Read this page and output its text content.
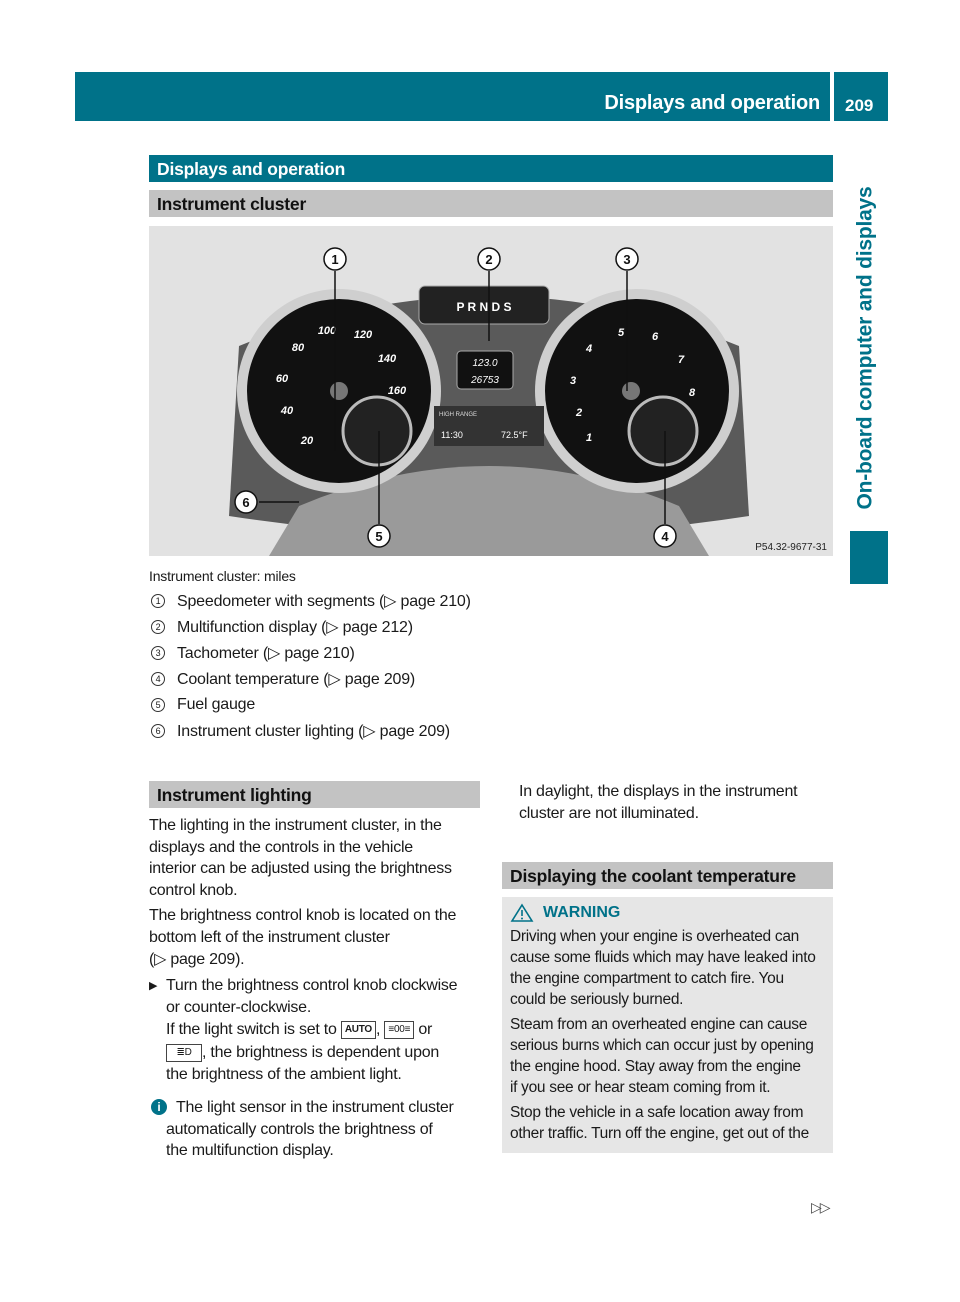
Displays and operation	209
On-board computer and displays
Displays and operation
Instrument cluster
P R N D S
123.0
26753
HIGH RANGE
11:30	72.5°F
20
40
60
80
100 120
140
160
1
2
3
4
5	6
7
8
1	2	3
4
5
6
P54.32-9677-31
Instrument cluster: miles
1 Speedometer with segments (▷ page 210)
2 Multifunction display (▷ page 212)
3 Tachometer (▷ page 210)
4 Coolant temperature (▷ page 209)
5 Fuel gauge
6 Instrument cluster lighting (▷ page 209)
Instrument lighting
The lighting in the instrument cluster, in the
displays and the controls in the vehicle
interior can be adjusted using the brightness
control knob.
The brightness control knob is located on the
bottom left of the instrument cluster
(▷ page 209).
▶ Turn the brightness control knob clockwise
or counter-clockwise.
If the light switch is set to AUTO , ≡00≡ or
≣D , the brightness is dependent upon
the brightness of the ambient light.
i The light sensor in the instrument cluster
automatically controls the brightness of
the multifunction display.
In daylight, the displays in the instrument
cluster are not illuminated.
Displaying the coolant temperature
WARNING
Driving when your engine is overheated can
cause some fluids which may have leaked into
the engine compartment to catch fire. You
could be seriously burned.
Steam from an overheated engine can cause
serious burns which can occur just by opening
the engine hood. Stay away from the engine
if you see or hear steam coming from it.
Stop the vehicle in a safe location away from
other traffic. Turn off the engine, get out of the
▷▷
